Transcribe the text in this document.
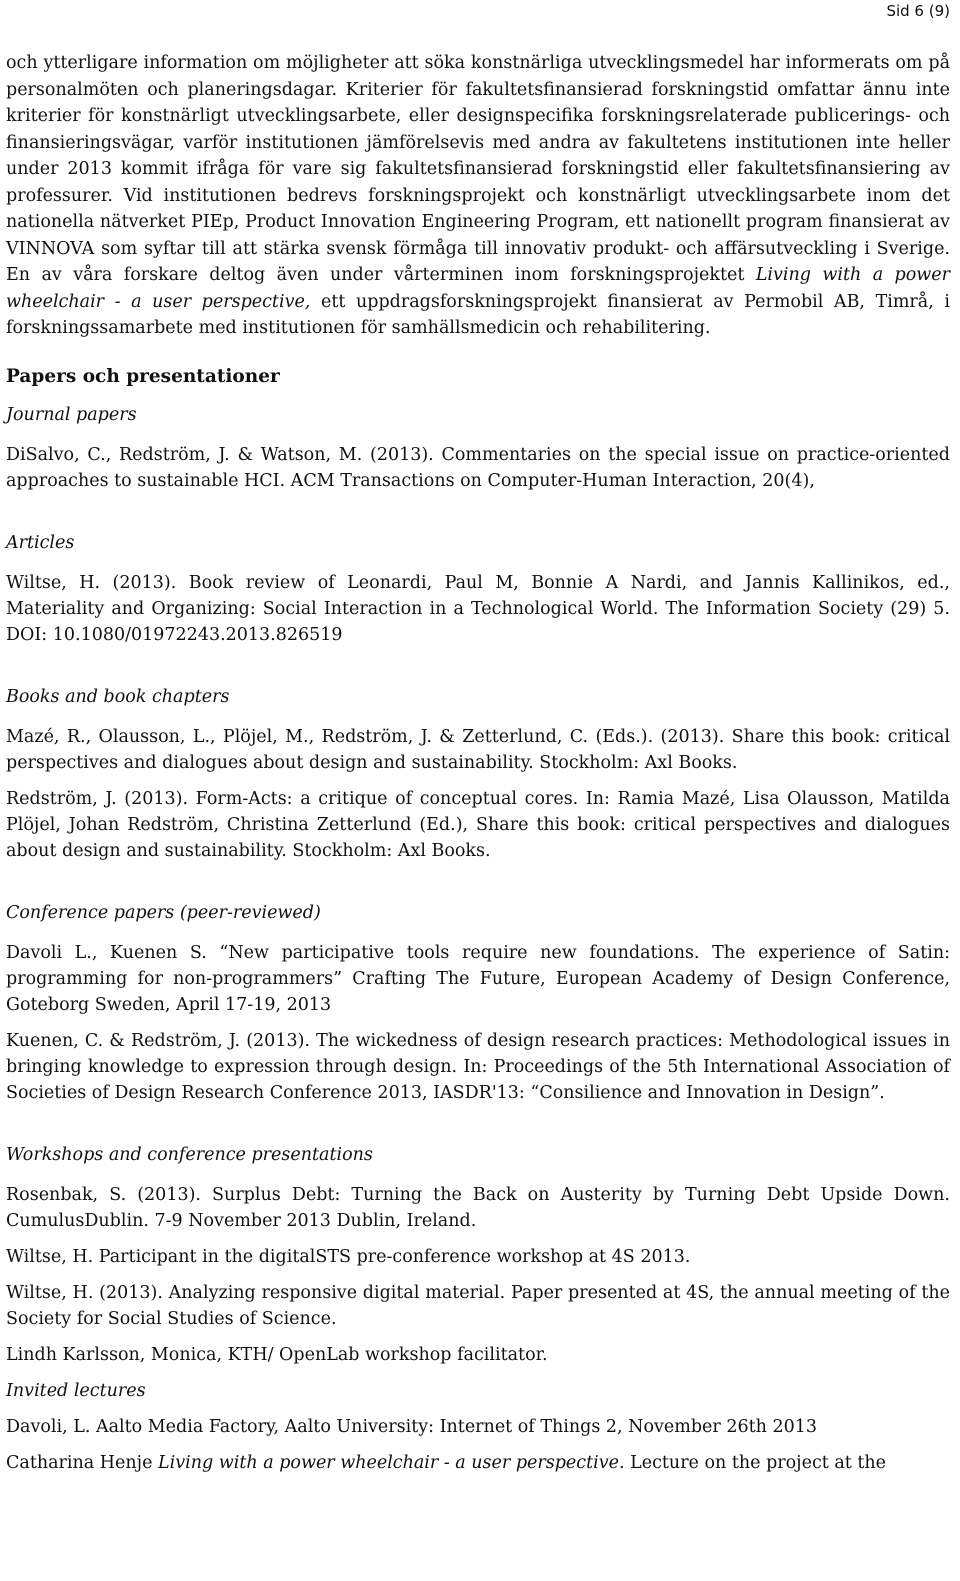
Sid 6 (9)

och ytterligare information om möjligheter att söka konstnärliga utvecklingsmedel har informerats om på personalmöten och planeringsdagar. Kriterier för fakultetsfinansierad forskningstid omfattar ännu inte kriterier för konstnärligt utvecklingsarbete, eller designspecifika forskningsrelaterade publicerings- och finansieringsvägar, varför institutionen jämförelsevis med andra av fakultetens institutionen inte heller under 2013 kommit ifråga för vare sig fakultetsfinansierad forskningstid eller fakultetsfinansiering av professurer. Vid institutionen bedrevs forskningsprojekt och konstnärligt utvecklingsarbete inom det nationella nätverket PIEp, Product Innovation Engineering Program, ett nationellt program finansierat av VINNOVA som syftar till att stärka svensk förmåga till innovativ produkt- och affärsutveckling i Sverige. En av våra forskare deltog även under vårterminen inom forskningsprojektet Living with a power wheelchair - a user perspective, ett uppdragsforskningsprojekt finansierat av Permobil AB, Timrå, i forskningssamarbete med institutionen för samhällsmedicin och rehabilitering.

Papers och presentationer
Journal papers

DiSalvo, C., Redström, J. & Watson, M. (2013). Commentaries on the special issue on practice-oriented approaches to sustainable HCI. ACM Transactions on Computer-Human Interaction, 20(4),

Articles

Wiltse, H. (2013). Book review of Leonardi, Paul M, Bonnie A Nardi, and Jannis Kallinikos, ed., Materiality and Organizing: Social Interaction in a Technological World. The Information Society (29) 5. DOI: 10.1080/01972243.2013.826519

Books and book chapters

Mazé, R., Olausson, L., Plöjel, M., Redström, J. & Zetterlund, C. (Eds.). (2013). Share this book: critical perspectives and dialogues about design and sustainability. Stockholm: Axl Books.

Redström, J. (2013). Form-Acts: a critique of conceptual cores. In: Ramia Mazé, Lisa Olausson, Matilda Plöjel, Johan Redström, Christina Zetterlund (Ed.), Share this book: critical perspectives and dialogues about design and sustainability. Stockholm: Axl Books.

Conference papers (peer-reviewed)

Davoli L., Kuenen S. “New participative tools require new foundations. The experience of Satin: programming for non-programmers” Crafting The Future, European Academy of Design Conference, Goteborg Sweden, April 17-19, 2013

Kuenen, C. & Redström, J. (2013). The wickedness of design research practices: Methodological issues in bringing knowledge to expression through design. In: Proceedings of the 5th International Association of Societies of Design Research Conference 2013, IASDR'13: “Consilience and Innovation in Design”.

Workshops and conference presentations

Rosenbak, S. (2013). Surplus Debt: Turning the Back on Austerity by Turning Debt Upside Down. CumulusDublin. 7-9 November 2013 Dublin, Ireland.

Wiltse, H. Participant in the digitalSTS pre-conference workshop at 4S 2013.

Wiltse, H. (2013). Analyzing responsive digital material. Paper presented at 4S, the annual meeting of the Society for Social Studies of Science.

Lindh Karlsson, Monica, KTH/ OpenLab workshop facilitator.

Invited lectures

Davoli, L. Aalto Media Factory, Aalto University: Internet of Things 2, November 26th 2013

Catharina Henje Living with a power wheelchair - a user perspective. Lecture on the project at the
